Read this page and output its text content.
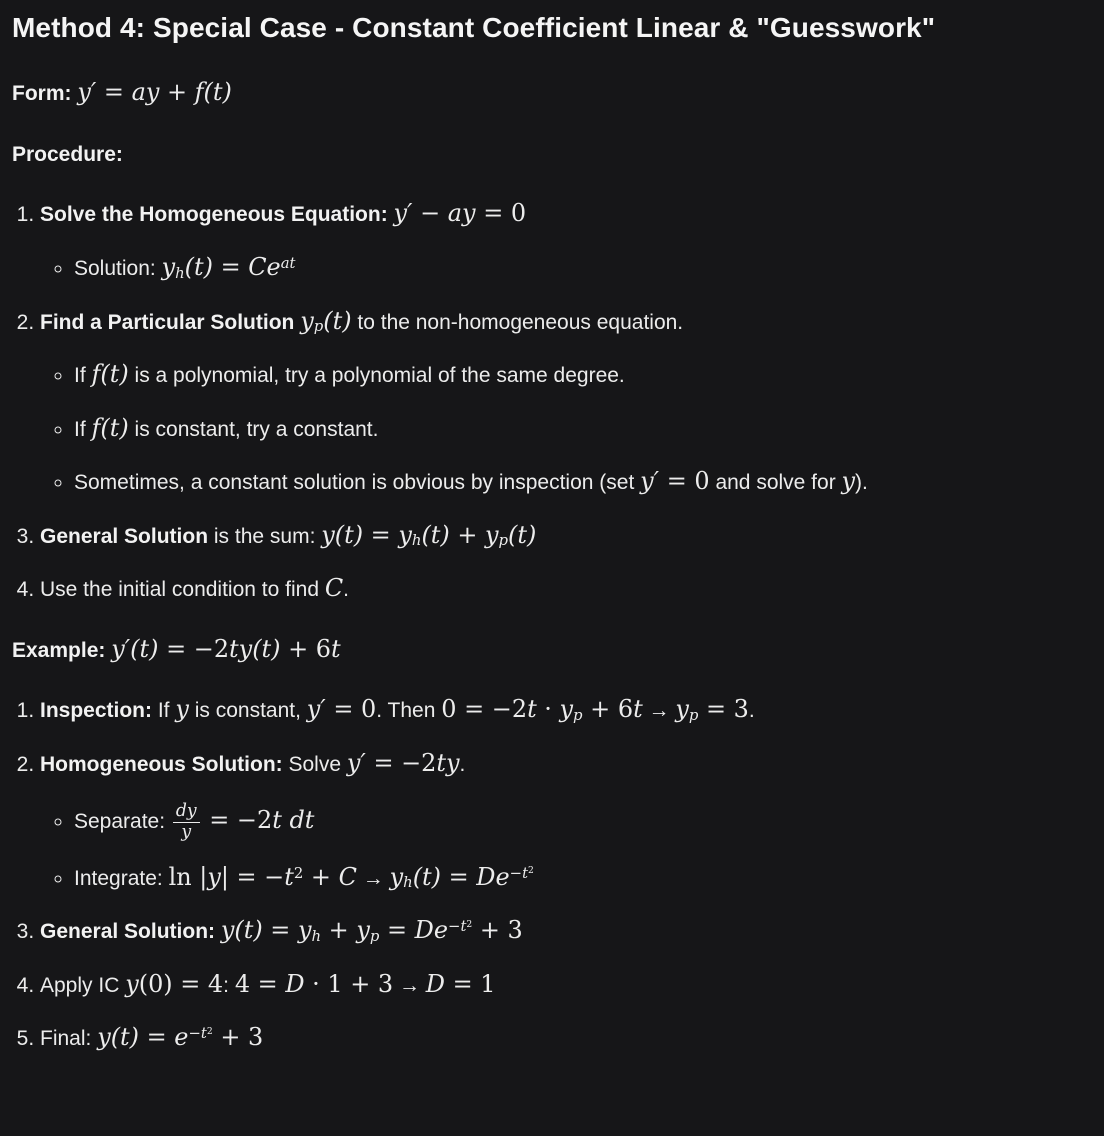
Method 4: Special Case - Constant Coefficient Linear & "Guesswork"

Form: y′ = ay + f(t)

Procedure:

1. Solve the Homogeneous Equation: y′ − ay = 0
◦ Solution: $y_h(t) = Ce^{at}$
2. Find a Particular Solution $y_p(t)$ to the non-homogeneous equation.
◦ If f(t) is a polynomial, try a polynomial of the same degree.
◦ If f(t) is constant, try a constant.
◦ Sometimes, a constant solution is obvious by inspection (set y′ = 0 and solve for y).
3. General Solution is the sum: $y(t) = y_h(t) + y_p(t)$
4. Use the initial condition to find C.

Example: y′(t) = −2ty(t) + 6t

1. Inspection: If y is constant, y′ = 0. Then $0 = -2t \cdot y_p + 6t \to y_p = 3$.
2. Homogeneous Solution: Solve y′ = −2ty.
◦ Separate: $\frac{dy}{y} = -2t$ dt
◦ Integrate: $\ln |y| = -t^2 + C \to y_h(t) = De^{-t^2}$
3. General Solution: $y(t) = y_h + y_p = De^{-t^2} + 3$
4. Apply IC y(0) = 4: 4 = D · 1 + 3 → D = 1
5. Final: $y(t) = e^{-t^2} + 3$
